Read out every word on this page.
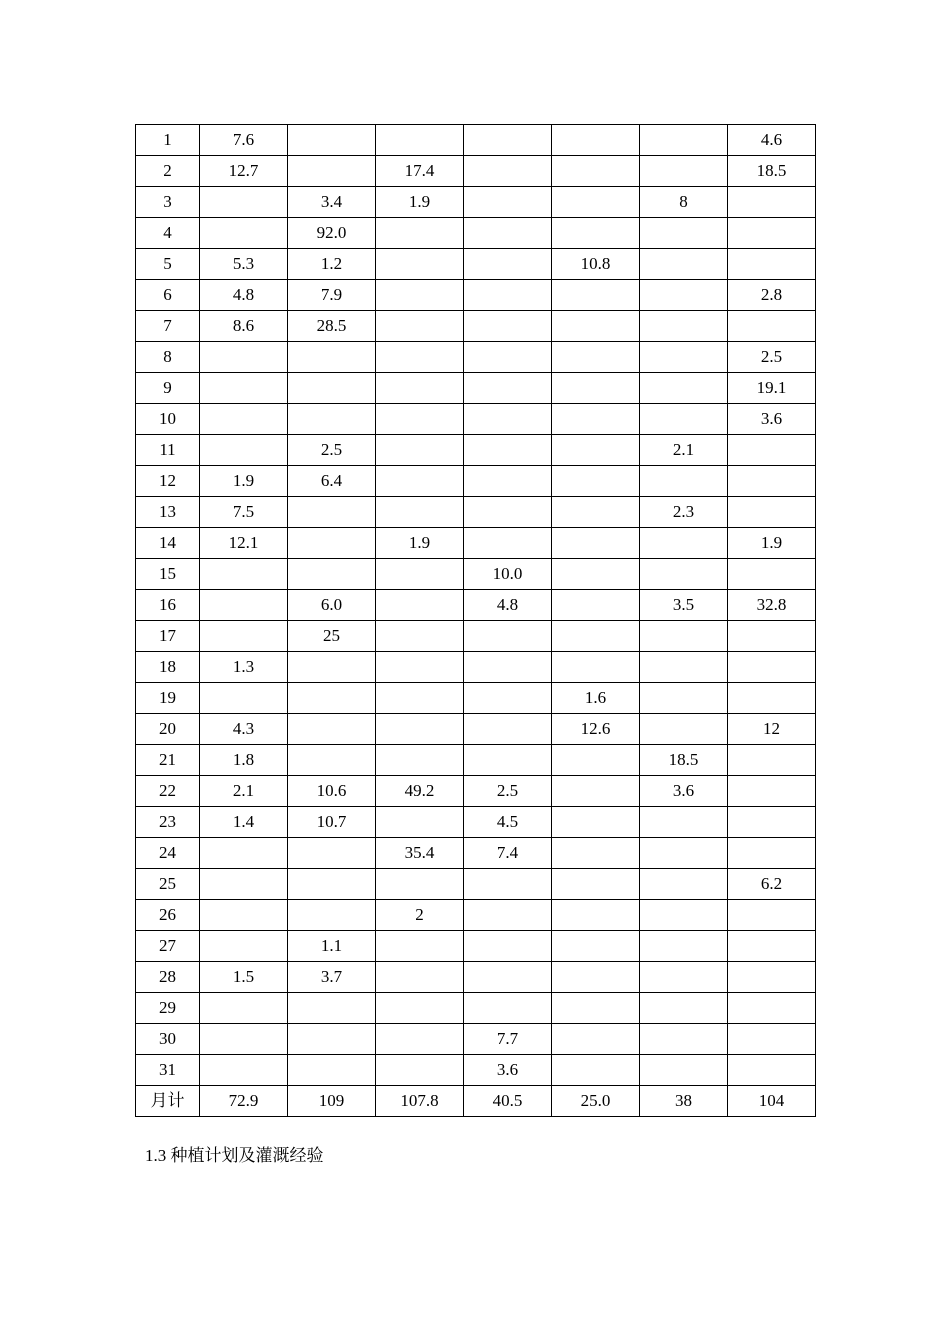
1	7.6						4.6
2	12.7		17.4				18.5
3		3.4	1.9			8	
4		92.0					
5	5.3	1.2			10.8		
6	4.8	7.9					2.8
7	8.6	28.5					
8							2.5
9							19.1
10							3.6
11		2.5				2.1	
12	1.9	6.4					
13	7.5					2.3	
14	12.1		1.9				1.9
15				10.0			
16		6.0		4.8		3.5	32.8
17		25					
18	1.3						
19					1.6		
20	4.3				12.6		12
21	1.8					18.5	
22	2.1	10.6	49.2	2.5		3.6	
23	1.4	10.7		4.5			
24			35.4	7.4			
25							6.2
26			2				
27		1.1					
28	1.5	3.7					
29							
30				7.7			
31				3.6			
月计	72.9	109	107.8	40.5	25.0	38	104

1.3 种植计划及灌溉经验
